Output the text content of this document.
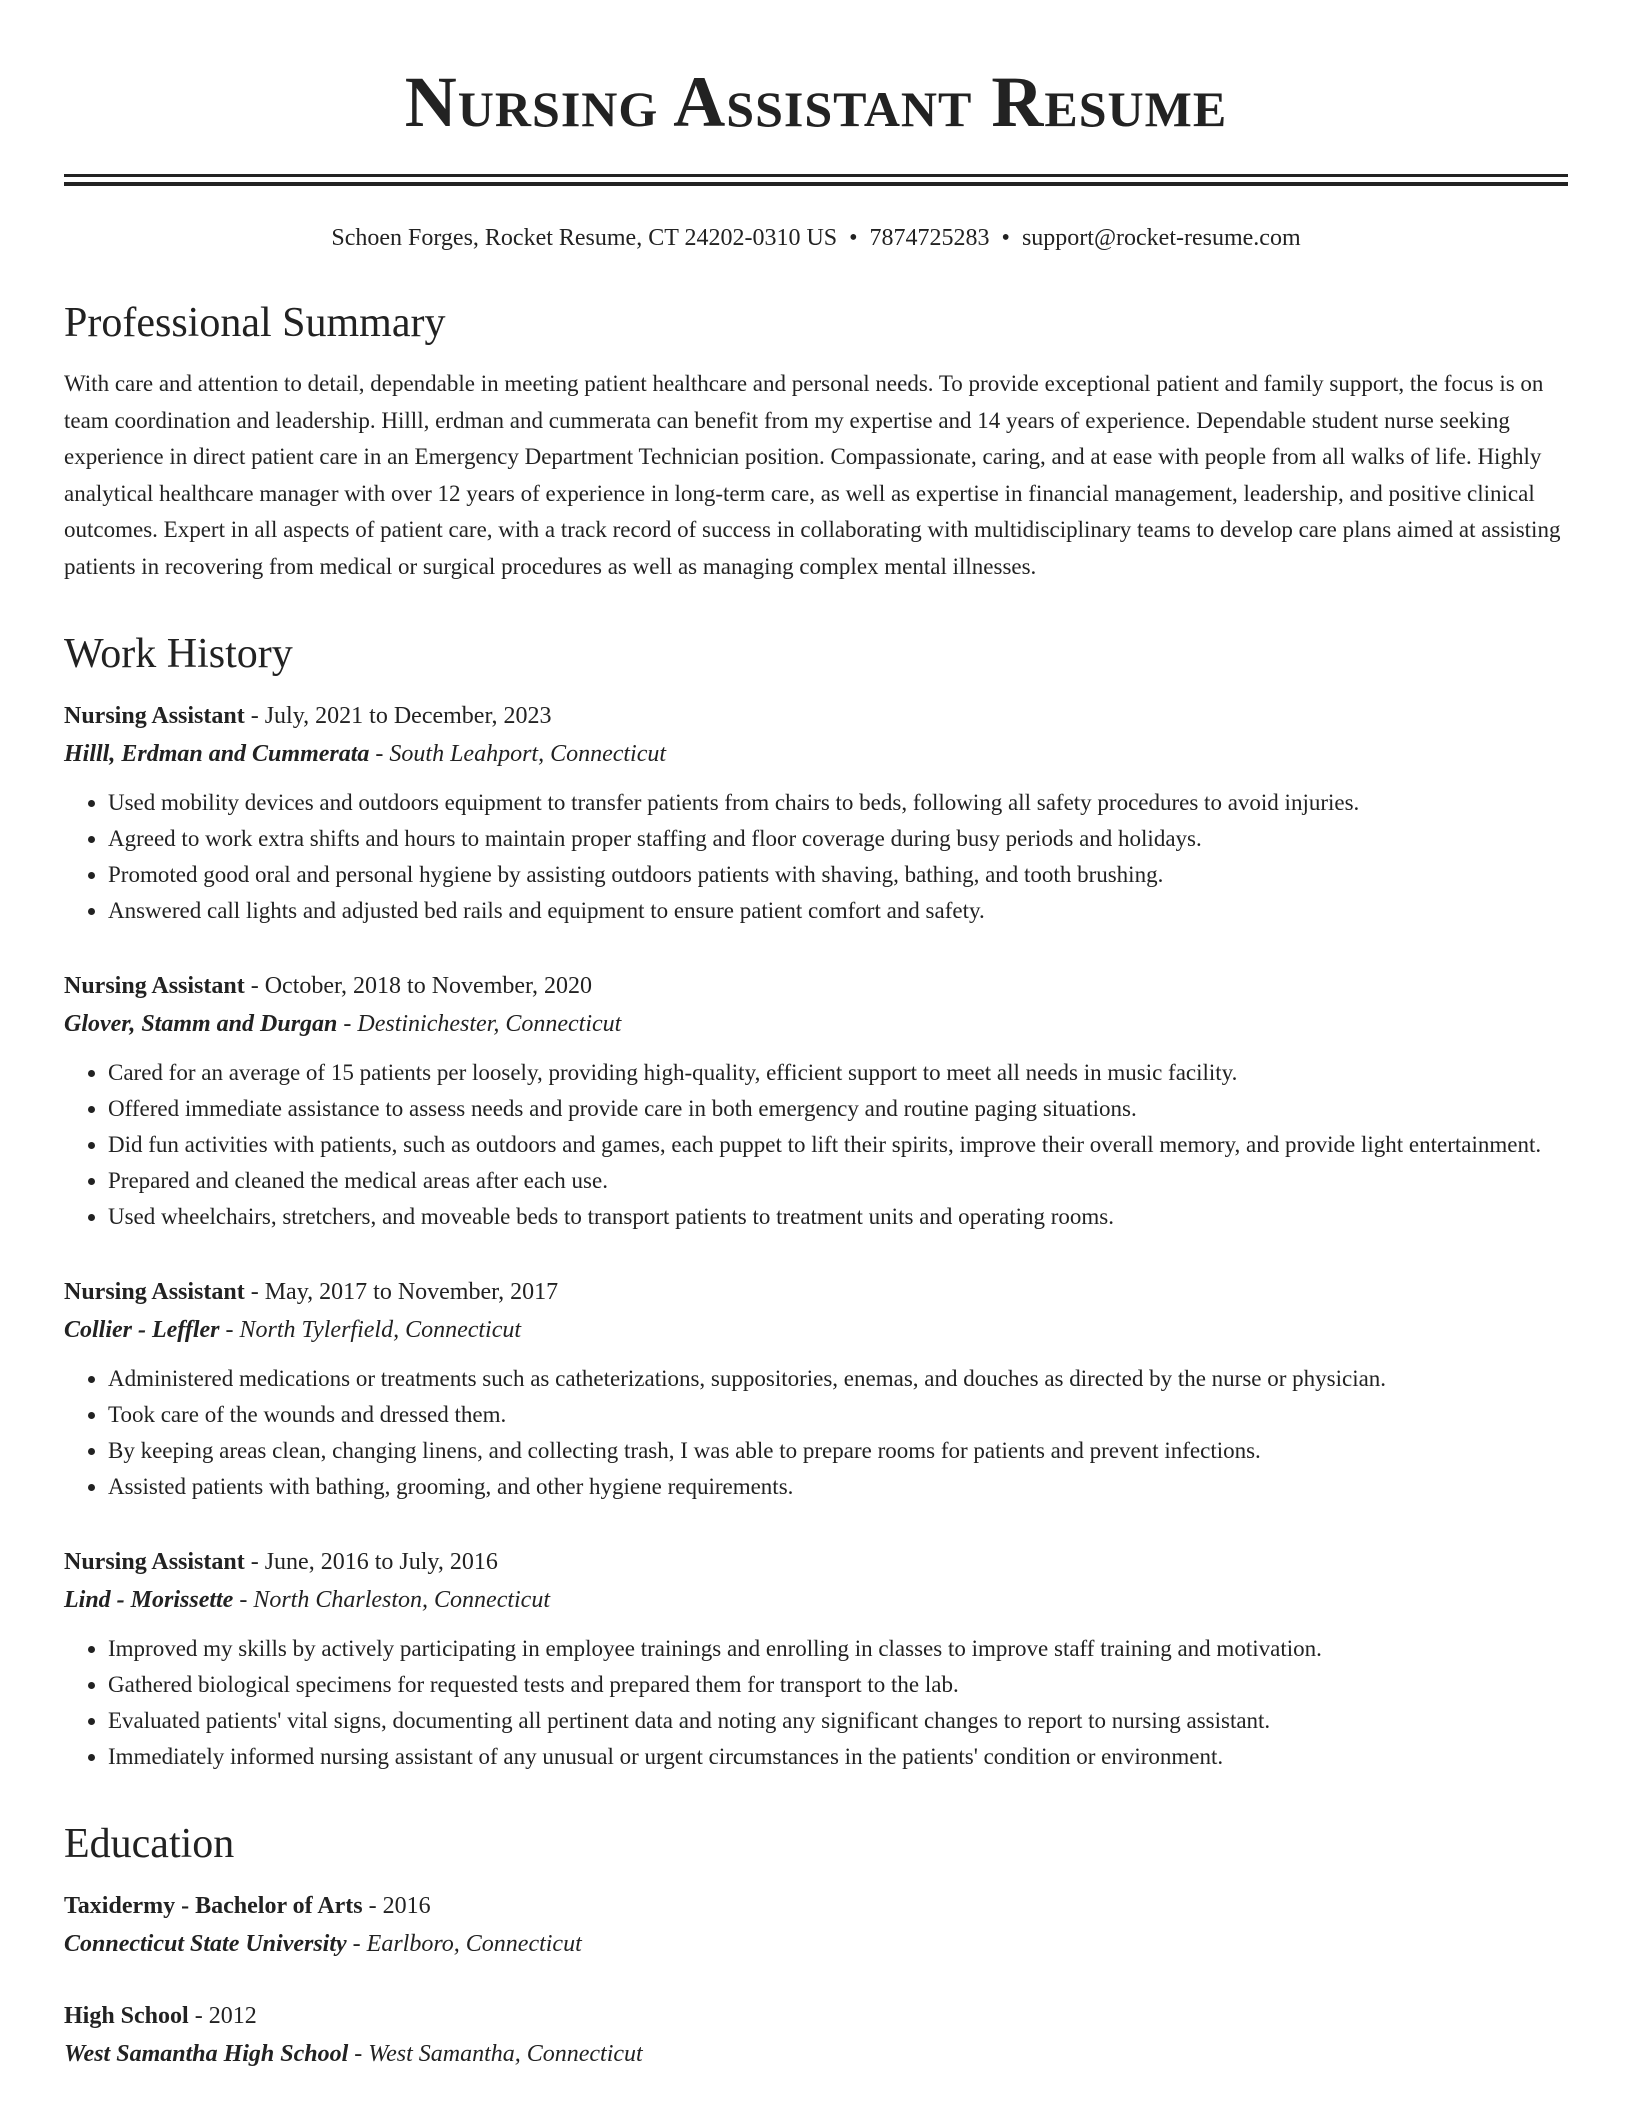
Nursing Assistant Resume
Schoen Forges, Rocket Resume, CT 24202-0310 US • 7874725283 • support@rocket-resume.com
Professional Summary

With care and attention to detail, dependable in meeting patient healthcare and personal needs. To provide exceptional patient and family support, the focus is on team coordination and leadership. Hilll, erdman and cummerata can benefit from my expertise and 14 years of experience. Dependable student nurse seeking experience in direct patient care in an Emergency Department Technician position. Compassionate, caring, and at ease with people from all walks of life. Highly analytical healthcare manager with over 12 years of experience in long-term care, as well as expertise in financial management, leadership, and positive clinical outcomes. Expert in all aspects of patient care, with a track record of success in collaborating with multidisciplinary teams to develop care plans aimed at assisting patients in recovering from medical or surgical procedures as well as managing complex mental illnesses.

Work History
Nursing Assistant - July, 2021 to December, 2023
Hilll, Erdman and Cummerata - South Leahport, Connecticut
• Used mobility devices and outdoors equipment to transfer patients from chairs to beds, following all safety procedures to avoid injuries.
• Agreed to work extra shifts and hours to maintain proper staffing and floor coverage during busy periods and holidays.
• Promoted good oral and personal hygiene by assisting outdoors patients with shaving, bathing, and tooth brushing.
• Answered call lights and adjusted bed rails and equipment to ensure patient comfort and safety.
Nursing Assistant - October, 2018 to November, 2020
Glover, Stamm and Durgan - Destinichester, Connecticut
• Cared for an average of 15 patients per loosely, providing high-quality, efficient support to meet all needs in music facility.
• Offered immediate assistance to assess needs and provide care in both emergency and routine paging situations.
• Did fun activities with patients, such as outdoors and games, each puppet to lift their spirits, improve their overall memory, and provide light entertainment.
• Prepared and cleaned the medical areas after each use.
• Used wheelchairs, stretchers, and moveable beds to transport patients to treatment units and operating rooms.
Nursing Assistant - May, 2017 to November, 2017
Collier - Leffler - North Tylerfield, Connecticut
• Administered medications or treatments such as catheterizations, suppositories, enemas, and douches as directed by the nurse or physician.
• Took care of the wounds and dressed them.
• By keeping areas clean, changing linens, and collecting trash, I was able to prepare rooms for patients and prevent infections.
• Assisted patients with bathing, grooming, and other hygiene requirements.
Nursing Assistant - June, 2016 to July, 2016
Lind - Morissette - North Charleston, Connecticut
• Improved my skills by actively participating in employee trainings and enrolling in classes to improve staff training and motivation.
• Gathered biological specimens for requested tests and prepared them for transport to the lab.
• Evaluated patients' vital signs, documenting all pertinent data and noting any significant changes to report to nursing assistant.
• Immediately informed nursing assistant of any unusual or urgent circumstances in the patients' condition or environment.
Education
Taxidermy - Bachelor of Arts - 2016
Connecticut State University - Earlboro, Connecticut
High School - 2012
West Samantha High School - West Samantha, Connecticut
